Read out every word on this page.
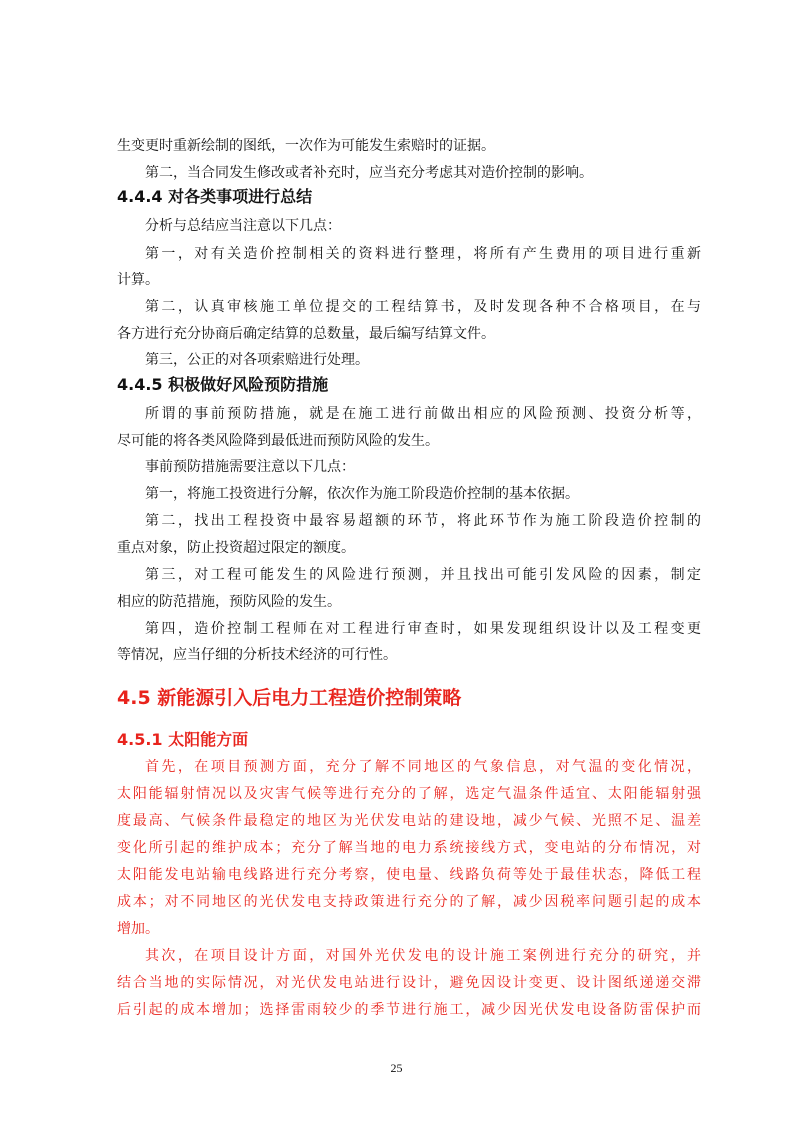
生变更时重新绘制的图纸，一次作为可能发生索赔时的证据。

第二，当合同发生修改或者补充时，应当充分考虑其对造价控制的影响。

4.4.4 对各类事项进行总结

分析与总结应当注意以下几点：

第一，对有关造价控制相关的资料进行整理，将所有产生费用的项目进行重新

计算。

第二，认真审核施工单位提交的工程结算书，及时发现各种不合格项目，在与

各方进行充分协商后确定结算的总数量，最后编写结算文件。

第三，公正的对各项索赔进行处理。

4.4.5 积极做好风险预防措施

所谓的事前预防措施，就是在施工进行前做出相应的风险预测、投资分析等，

尽可能的将各类风险降到最低进而预防风险的发生。

事前预防措施需要注意以下几点：

第一，将施工投资进行分解，依次作为施工阶段造价控制的基本依据。

第二，找出工程投资中最容易超额的环节，将此环节作为施工阶段造价控制的

重点对象，防止投资超过限定的额度。

第三，对工程可能发生的风险进行预测，并且找出可能引发风险的因素，制定

相应的防范措施，预防风险的发生。

第四，造价控制工程师在对工程进行审查时，如果发现组织设计以及工程变更

等情况，应当仔细的分析技术经济的可行性。

4.5 新能源引入后电力工程造价控制策略
4.5.1 太阳能方面

首先，在项目预测方面，充分了解不同地区的气象信息，对气温的变化情况，

太阳能辐射情况以及灾害气候等进行充分的了解，选定气温条件适宜、太阳能辐射强

度最高、气候条件最稳定的地区为光伏发电站的建设地，减少气候、光照不足、温差

变化所引起的维护成本；充分了解当地的电力系统接线方式，变电站的分布情况，对

太阳能发电站输电线路进行充分考察，使电量、线路负荷等处于最佳状态，降低工程

成本；对不同地区的光伏发电支持政策进行充分的了解，减少因税率问题引起的成本

增加。

其次，在项目设计方面，对国外光伏发电的设计施工案例进行充分的研究，并

结合当地的实际情况，对光伏发电站进行设计，避免因设计变更、设计图纸递递交滞

后引起的成本增加；选择雷雨较少的季节进行施工，减少因光伏发电设备防雷保护而

25
